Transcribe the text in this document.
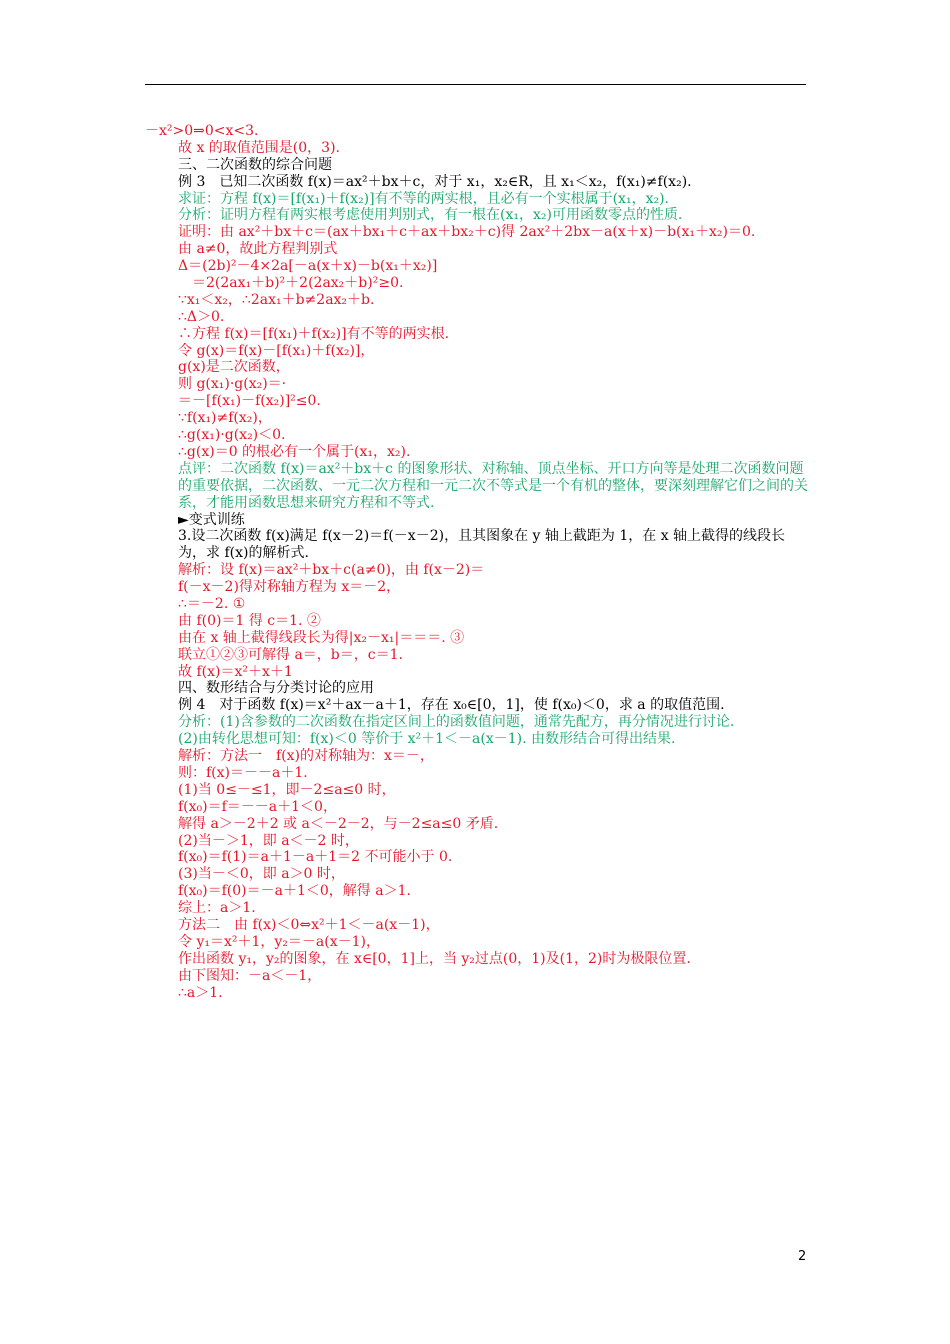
－x²>0⇒0<x<3.
故 x 的取值范围是(0，3).
三、二次函数的综合问题
例 3　已知二次函数 f(x)＝ax²＋bx＋c，对于 x₁，x₂∈R，且 x₁＜x₂，f(x₁)≠f(x₂).
求证：方程 f(x)＝[f(x₁)＋f(x₂)]有不等的两实根，且必有一个实根属于(x₁，x₂).
分析：证明方程有两实根考虑使用判别式，有一根在(x₁，x₂)可用函数零点的性质.
证明：由 ax²＋bx＋c＝(ax＋bx₁＋c＋ax＋bx₂＋c)得 2ax²＋2bx－a(x＋x)－b(x₁＋x₂)＝0.
由 a≠0，故此方程判别式
Δ＝(2b)²－4×2a[－a(x＋x)－b(x₁＋x₂)]
　＝2(2ax₁＋b)²＋2(2ax₂＋b)²≥0.
∵x₁＜x₂，∴2ax₁＋b≠2ax₂＋b.
∴Δ＞0.
∴方程 f(x)＝[f(x₁)＋f(x₂)]有不等的两实根.
令 g(x)＝f(x)－[f(x₁)＋f(x₂)]，
g(x)是二次函数，
则 g(x₁)·g(x₂)＝·
＝－[f(x₁)－f(x₂)]²≤0.
∵f(x₁)≠f(x₂)，
∴g(x₁)·g(x₂)＜0.
∴g(x)＝0 的根必有一个属于(x₁，x₂).
点评：二次函数 f(x)＝ax²＋bx＋c 的图象形状、对称轴、顶点坐标、开口方向等是处理二次函数问题的重要依据，二次函数、一元二次方程和一元二次不等式是一个有机的整体，要深刻理解它们之间的关系，才能用函数思想来研究方程和不等式.
►变式训练
3.设二次函数 f(x)满足 f(x－2)＝f(－x－2)，且其图象在 y 轴上截距为 1，在 x 轴上截得的线段长为，求 f(x)的解析式.
解析：设 f(x)＝ax²＋bx＋c(a≠0)，由 f(x－2)＝
f(－x－2)得对称轴方程为 x＝－2，
∴＝－2. ①
由 f(0)＝1 得 c＝1. ②
由在 x 轴上截得线段长为得|x₂－x₁|＝＝＝. ③
联立①②③可解得 a＝，b＝，c＝1.
故 f(x)＝x²＋x＋1
四、数形结合与分类讨论的应用
例 4　对于函数 f(x)＝x²＋ax－a＋1，存在 x₀∈[0，1]，使 f(x₀)＜0，求 a 的取值范围.
分析：(1)含参数的二次函数在指定区间上的函数值问题，通常先配方，再分情况进行讨论.
(2)由转化思想可知：f(x)＜0 等价于 x²＋1＜－a(x－1). 由数形结合可得出结果.
解析：方法一　f(x)的对称轴为：x＝－，
则：f(x)＝－－a＋1.
(1)当 0≤－≤1，即－2≤a≤0 时，
f(x₀)＝f＝－－a＋1＜0，
解得 a＞－2＋2 或 a＜－2－2，与－2≤a≤0 矛盾.
(2)当－＞1，即 a＜－2 时，
f(x₀)＝f(1)＝a＋1－a＋1＝2 不可能小于 0.
(3)当－＜0，即 a＞0 时，
f(x₀)＝f(0)＝－a＋1＜0，解得 a＞1.
综上：a＞1.
方法二　由 f(x)＜0⇔x²＋1＜－a(x－1)，
令 y₁＝x²＋1，y₂＝－a(x－1)，
作出函数 y₁，y₂的图象，在 x∈[0，1]上，当 y₂过点(0，1)及(1，2)时为极限位置.
由下图知：－a＜－1，
∴a＞1.
2
